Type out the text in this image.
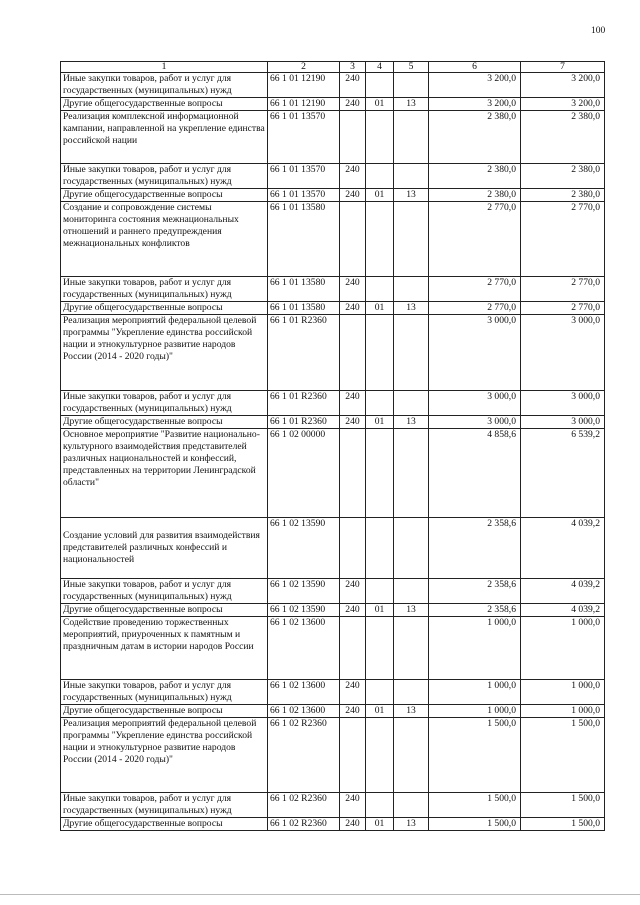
100
1	2	3	4	5	6	7
Иные закупки товаров, работ и услуг для государственных (муниципальных) нужд	66 1 01 12190	240			3 200,0	3 200,0
Другие общегосударственные вопросы	66 1 01 12190	240	01	13	3 200,0	3 200,0
Реализация комплексной информационной кампании, направленной на укрепление единства российской нации	66 1 01 13570				2 380,0	2 380,0
Иные закупки товаров, работ и услуг для государственных (муниципальных) нужд	66 1 01 13570	240			2 380,0	2 380,0
Другие общегосударственные вопросы	66 1 01 13570	240	01	13	2 380,0	2 380,0
Создание и сопровождение системы мониторинга состояния межнациональных отношений и раннего предупреждения межнациональных конфликтов	66 1 01 13580				2 770,0	2 770,0
Иные закупки товаров, работ и услуг для государственных (муниципальных) нужд	66 1 01 13580	240			2 770,0	2 770,0
Другие общегосударственные вопросы	66 1 01 13580	240	01	13	2 770,0	2 770,0
Реализация мероприятий федеральной целевой программы "Укрепление единства российской нации и этнокультурное развитие народов России (2014 - 2020 годы)"	66 1 01 R2360				3 000,0	3 000,0
Иные закупки товаров, работ и услуг для государственных (муниципальных) нужд	66 1 01 R2360	240			3 000,0	3 000,0
Другие общегосударственные вопросы	66 1 01 R2360	240	01	13	3 000,0	3 000,0
Основное мероприятие "Развитие национально-культурного взаимодействия представителей различных национальностей и конфессий, представленных на территории Ленинградской области"	66 1 02 00000				4 858,6	6 539,2
Создание условий для развития взаимодействия представителей различных конфессий и национальностей	66 1 02 13590				2 358,6	4 039,2
Иные закупки товаров, работ и услуг для государственных (муниципальных) нужд	66 1 02 13590	240			2 358,6	4 039,2
Другие общегосударственные вопросы	66 1 02 13590	240	01	13	2 358,6	4 039,2
Содействие проведению торжественных мероприятий, приуроченных к памятным и праздничным датам в истории народов России	66 1 02 13600				1 000,0	1 000,0
Иные закупки товаров, работ и услуг для государственных (муниципальных) нужд	66 1 02 13600	240			1 000,0	1 000,0
Другие общегосударственные вопросы	66 1 02 13600	240	01	13	1 000,0	1 000,0
Реализация мероприятий федеральной целевой программы "Укрепление единства российской нации и этнокультурное развитие народов России (2014 - 2020 годы)"	66 1 02 R2360				1 500,0	1 500,0
Иные закупки товаров, работ и услуг для государственных (муниципальных) нужд	66 1 02 R2360	240			1 500,0	1 500,0
Другие общегосударственные вопросы	66 1 02 R2360	240	01	13	1 500,0	1 500,0
